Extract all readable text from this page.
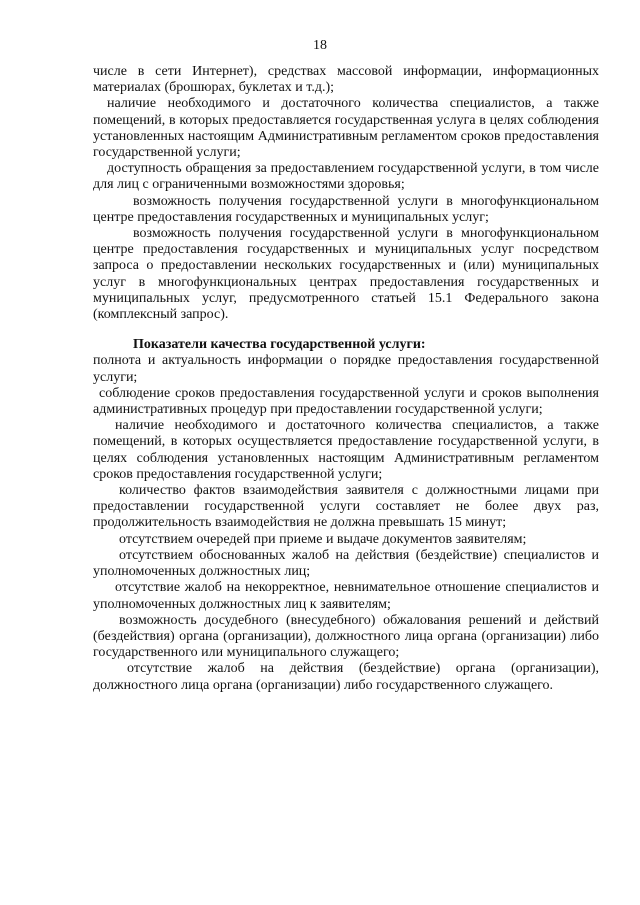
18

числе в сети Интернет), средствах массовой информации, информационных материалах (брошюрах, буклетах и т.д.);

наличие необходимого и достаточного количества специалистов, а также помещений, в которых предоставляется государственная услуга в целях соблюдения установленных настоящим Административным регламентом сроков предоставления государственной услуги;

доступность обращения за предоставлением государственной услуги, в том числе для лиц с ограниченными возможностями здоровья;

возможность получения государственной услуги в многофункциональном центре предоставления государственных и муниципальных услуг;

возможность получения государственной услуги в многофункциональном центре предоставления государственных и муниципальных услуг посредством запроса о предоставлении нескольких государственных и (или) муниципальных услуг в многофункциональных центрах предоставления государственных и муниципальных услуг, предусмотренного статьей 15.1 Федерального закона (комплексный запрос).

Показатели качества государственной услуги:

полнота и актуальность информации о порядке предоставления государственной услуги;

соблюдение сроков предоставления государственной услуги и сроков выполнения административных процедур при предоставлении государственной услуги;

наличие необходимого и достаточного количества специалистов, а также помещений, в которых осуществляется предоставление государственной услуги, в целях соблюдения установленных настоящим Административным регламентом сроков предоставления государственной услуги;

количество фактов взаимодействия заявителя с должностными лицами при предоставлении государственной услуги составляет не более двух раз, продолжительность взаимодействия не должна превышать 15 минут;

отсутствием очередей при приеме и выдаче документов заявителям;

отсутствием обоснованных жалоб на действия (бездействие) специалистов и уполномоченных должностных лиц;

отсутствие жалоб на некорректное, невнимательное отношение специалистов и уполномоченных должностных лиц к заявителям;

возможность досудебного (внесудебного) обжалования решений и действий (бездействия) органа (организации), должностного лица органа (организации) либо государственного или муниципального служащего;

отсутствие жалоб на действия (бездействие) органа (организации), должностного лица органа (организации) либо государственного служащего.
